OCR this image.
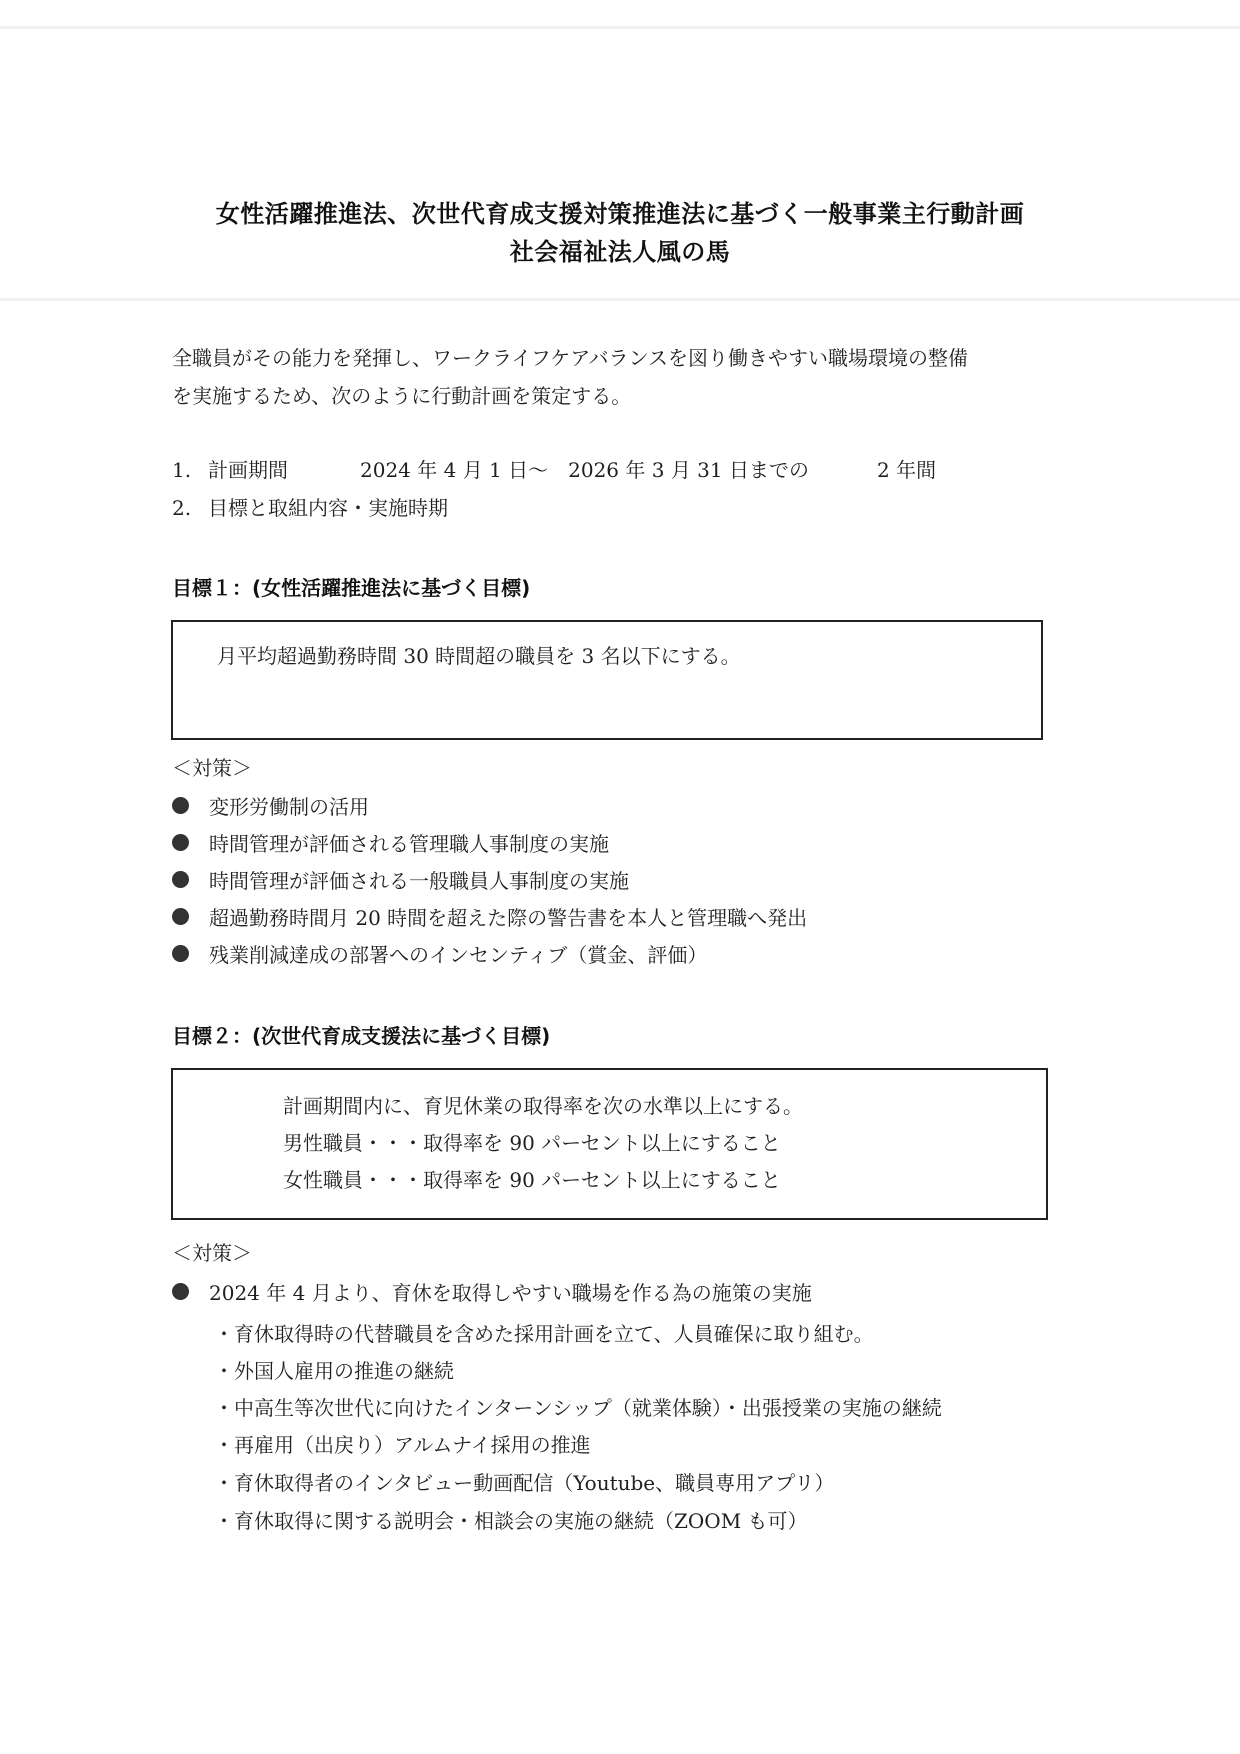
女性活躍推進法、次世代育成支援対策推進法に基づく一般事業主行動計画
社会福祉法人風の馬
全職員がその能力を発揮し、ワークライフケアバランスを図り働きやすい職場環境の整備
を実施するため、次のように行動計画を策定する。
1. 計画期間	2024 年 4 月 1 日～　2026 年 3 月 31 日までの	2 年間
2. 目標と取組内容・実施時期
目標１：(女性活躍推進法に基づく目標)
月平均超過勤務時間 30 時間超の職員を 3 名以下にする。
＜対策＞
変形労働制の活用
時間管理が評価される管理職人事制度の実施
時間管理が評価される一般職員人事制度の実施
超過勤務時間月 20 時間を超えた際の警告書を本人と管理職へ発出
残業削減達成の部署へのインセンティブ（賞金、評価）
目標２：(次世代育成支援法に基づく目標)
計画期間内に、育児休業の取得率を次の水準以上にする。
男性職員・・・取得率を 90 パーセント以上にすること
女性職員・・・取得率を 90 パーセント以上にすること
＜対策＞
2024 年 4 月より、育休を取得しやすい職場を作る為の施策の実施
・育休取得時の代替職員を含めた採用計画を立て、人員確保に取り組む。
・外国人雇用の推進の継続
・中高生等次世代に向けたインターンシップ（就業体験）・出張授業の実施の継続
・再雇用（出戻り）アルムナイ採用の推進
・育休取得者のインタビュー動画配信（Youtube、職員専用アプリ）
・育休取得に関する説明会・相談会の実施の継続（ZOOM も可）
